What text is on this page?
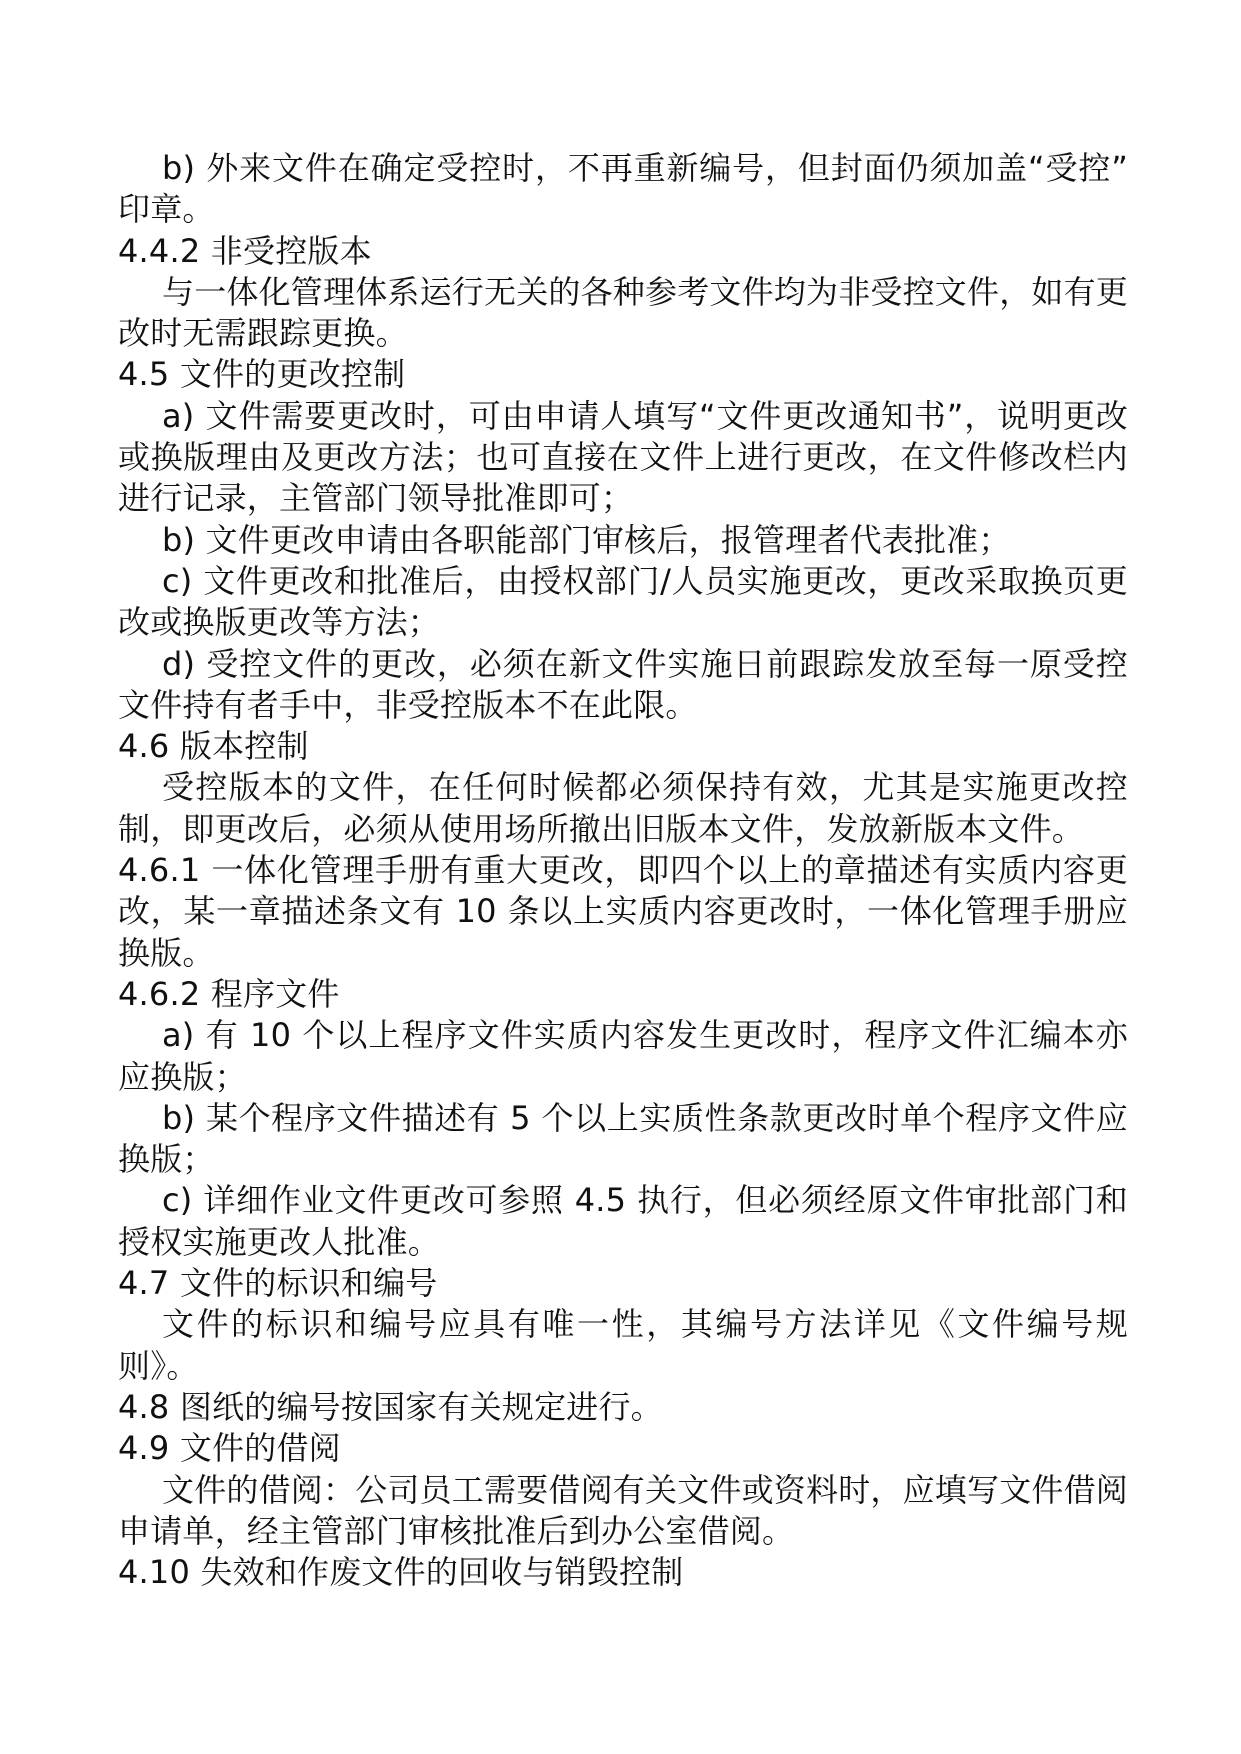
b) 外来文件在确定受控时，不再重新编号，但封面仍须加盖“受控” 印章。

4.4.2 非受控版本

与一体化管理体系运行无关的各种参考文件均为非受控文件，如有更改时无需跟踪更换。

4.5 文件的更改控制

a) 文件需要更改时，可由申请人填写“文件更改通知书”，说明更改或换版理由及更改方法；也可直接在文件上进行更改，在文件修改栏内进行记录，主管部门领导批准即可；

b) 文件更改申请由各职能部门审核后，报管理者代表批准；

c) 文件更改和批准后，由授权部门/人员实施更改，更改采取换页更改或换版更改等方法；

d) 受控文件的更改，必须在新文件实施日前跟踪发放至每一原受控文件持有者手中，非受控版本不在此限。

4.6 版本控制

受控版本的文件，在任何时候都必须保持有效，尤其是实施更改控制，即更改后，必须从使用场所撤出旧版本文件，发放新版本文件。

4.6.1 一体化管理手册有重大更改，即四个以上的章描述有实质内容更改，某一章描述条文有 10 条以上实质内容更改时，一体化管理手册应换版。

4.6.2 程序文件

a) 有 10 个以上程序文件实质内容发生更改时，程序文件汇编本亦应换版；

b) 某个程序文件描述有 5 个以上实质性条款更改时单个程序文件应换版；

c) 详细作业文件更改可参照 4.5 执行，但必须经原文件审批部门和授权实施更改人批准。

4.7 文件的标识和编号

文件的标识和编号应具有唯一性，其编号方法详见《文件编号规则》。

4.8 图纸的编号按国家有关规定进行。

4.9 文件的借阅

文件的借阅：公司员工需要借阅有关文件或资料时，应填写文件借阅申请单，经主管部门审核批准后到办公室借阅。

4.10 失效和作废文件的回收与销毁控制
